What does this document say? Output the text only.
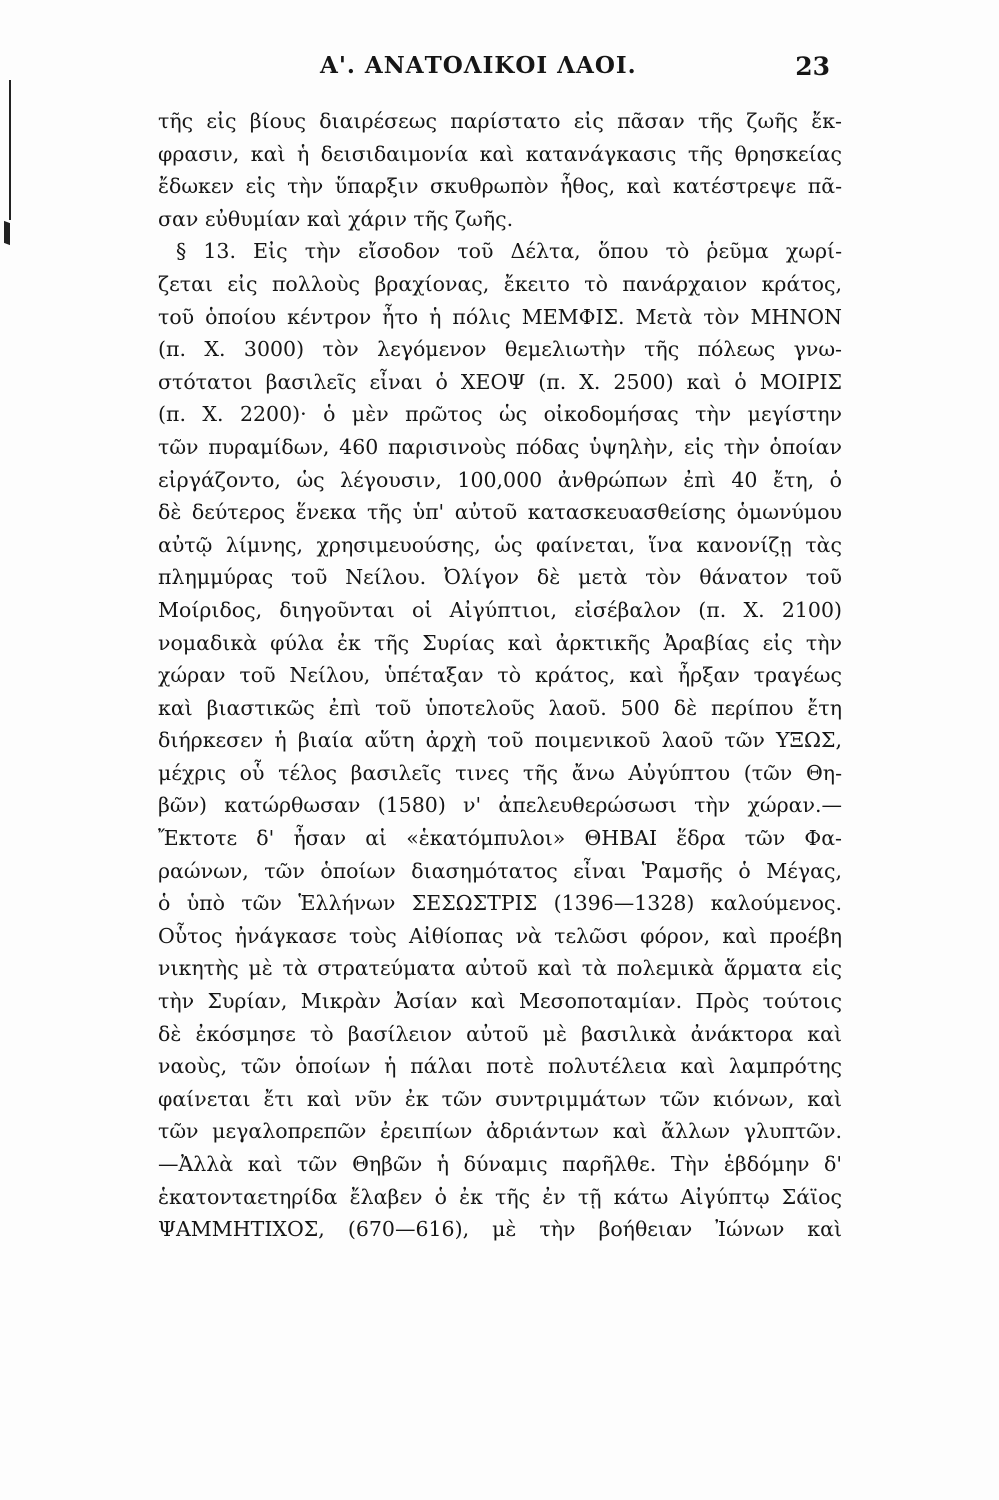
Α'. ΑΝΑΤΟΛΙΚΟΙ ΛΑΟΙ.	23
τῆς εἰς βίους διαιρέσεως παρίστατο εἰς πᾶσαν τῆς ζωῆς ἔκ-
φρασιν, καὶ ἡ δεισιδαιμονία καὶ κατανάγκασις τῆς θρησκείας
ἔδωκεν εἰς τὴν ὕπαρξιν σκυθρωπὸν ἦθος, καὶ κατέστρεψε πᾶ-
σαν εὐθυμίαν καὶ χάριν τῆς ζωῆς.
§ 13. Εἰς τὴν εἴσοδον τοῦ Δέλτα, ὅπου τὸ ῥεῦμα χωρί-
ζεται εἰς πολλοὺς βραχίονας, ἔκειτο τὸ πανάρχαιον κράτος,
τοῦ ὁποίου κέντρον ἦτο ἡ πόλις ΜΕΜΦΙΣ. Μετὰ τὸν ΜΗΝΟΝ
(π. Χ. 3000) τὸν λεγόμενον θεμελιωτὴν τῆς πόλεως γνω-
στότατοι βασιλεῖς εἶναι ὁ ΧΕΟΨ (π. Χ. 2500) καὶ ὁ ΜΟΙΡΙΣ
(π. Χ. 2200)· ὁ μὲν πρῶτος ὡς οἰκοδομήσας τὴν μεγίστην
τῶν πυραμίδων, 460 παρισινοὺς πόδας ὑψηλὴν, εἰς τὴν ὁποίαν
εἰργάζοντο, ὡς λέγουσιν, 100,000 ἀνθρώπων ἐπὶ 40 ἔτη, ὁ
δὲ δεύτερος ἕνεκα τῆς ὑπ' αὐτοῦ κατασκευασθείσης ὁμωνύμου
αὐτῷ λίμνης, χρησιμευούσης, ὡς φαίνεται, ἵνα κανονίζῃ τὰς
πλημμύρας τοῦ Νείλου. Ὀλίγον δὲ μετὰ τὸν θάνατον τοῦ
Μοίριδος, διηγοῦνται οἱ Αἰγύπτιοι, εἰσέβαλον (π. Χ. 2100)
νομαδικὰ φύλα ἐκ τῆς Συρίας καὶ ἀρκτικῆς Ἀραβίας εἰς τὴν
χώραν τοῦ Νείλου, ὑπέταξαν τὸ κράτος, καὶ ἦρξαν τραγέως
καὶ βιαστικῶς ἐπὶ τοῦ ὑποτελοῦς λαοῦ. 500 δὲ περίπου ἔτη
διήρκεσεν ἡ βιαία αὕτη ἀρχὴ τοῦ ποιμενικοῦ λαοῦ τῶν ΥΞΩΣ,
μέχρις οὗ τέλος βασιλεῖς τινες τῆς ἄνω Αὐγύπτου (τῶν Θη-
βῶν) κατώρθωσαν (1580) ν' ἀπελευθερώσωσι τὴν χώραν.—
Ἔκτοτε δ' ἦσαν αἱ «ἑκατόμπυλοι» ΘΗΒΑΙ ἕδρα τῶν Φα-
ραώνων, τῶν ὁποίων διασημότατος εἶναι Ῥαμσῆς ὁ Μέγας,
ὁ ὑπὸ τῶν Ἑλλήνων ΣΕΣΩΣΤΡΙΣ (1396—1328) καλούμενος.
Οὗτος ἠνάγκασε τοὺς Αἰθίοπας νὰ τελῶσι φόρον, καὶ προέβη
νικητὴς μὲ τὰ στρατεύματα αὐτοῦ καὶ τὰ πολεμικὰ ἅρματα εἰς
τὴν Συρίαν, Μικρὰν Ἀσίαν καὶ Μεσοποταμίαν. Πρὸς τούτοις
δὲ ἐκόσμησε τὸ βασίλειον αὐτοῦ μὲ βασιλικὰ ἀνάκτορα καὶ
ναοὺς, τῶν ὁποίων ἡ πάλαι ποτὲ πολυτέλεια καὶ λαμπρότης
φαίνεται ἔτι καὶ νῦν ἐκ τῶν συντριμμάτων τῶν κιόνων, καὶ
τῶν μεγαλοπρεπῶν ἐρειπίων ἀδριάντων καὶ ἄλλων γλυπτῶν.
—Ἀλλὰ καὶ τῶν Θηβῶν ἡ δύναμις παρῆλθε. Τὴν ἑβδόμην δ'
ἑκατονταετηρίδα ἔλαβεν ὁ ἐκ τῆς ἐν τῇ κάτω Αἰγύπτῳ Σάϊος
ΨΑΜΜΗΤΙΧΟΣ, (670—616), μὲ τὴν βοήθειαν Ἰώνων καὶ
